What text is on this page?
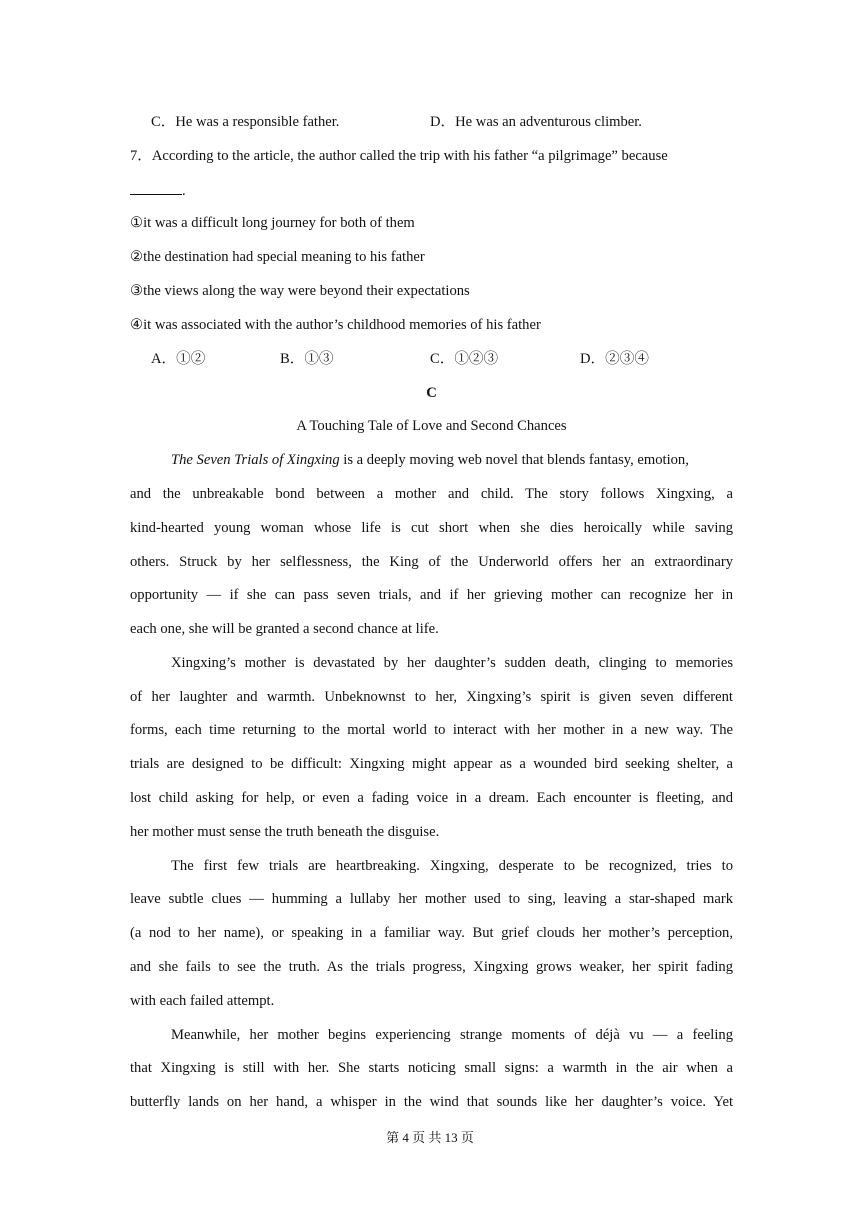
C．He was a responsible father.	D．He was an adventurous climber.
7．According to the article, the author called the trip with his father “a pilgrimage” because
.
①it was a difficult long journey for both of them
②the destination had special meaning to his father
③the views along the way were beyond their expectations
④it was associated with the author’s childhood memories of his father
A．①②	B．①③	C．①②③	D．②③④
C
A Touching Tale of Love and Second Chances
The Seven Trials of Xingxing is a deeply moving web novel that blends fantasy, emotion,
and the unbreakable bond between a mother and child. The story follows Xingxing, a
kind-hearted young woman whose life is cut short when she dies heroically while saving
others. Struck by her selflessness, the King of the Underworld offers her an extraordinary
opportunity — if she can pass seven trials, and if her grieving mother can recognize her in
each one, she will be granted a second chance at life.
Xingxing’s mother is devastated by her daughter’s sudden death, clinging to memories
of her laughter and warmth. Unbeknownst to her, Xingxing’s spirit is given seven different
forms, each time returning to the mortal world to interact with her mother in a new way. The
trials are designed to be difficult: Xingxing might appear as a wounded bird seeking shelter, a
lost child asking for help, or even a fading voice in a dream. Each encounter is fleeting, and
her mother must sense the truth beneath the disguise.
The first few trials are heartbreaking. Xingxing, desperate to be recognized, tries to
leave subtle clues — humming a lullaby her mother used to sing, leaving a star-shaped mark
(a nod to her name), or speaking in a familiar way. But grief clouds her mother’s perception,
and she fails to see the truth. As the trials progress, Xingxing grows weaker, her spirit fading
with each failed attempt.
Meanwhile, her mother begins experiencing strange moments of déjà vu — a feeling
that Xingxing is still with her. She starts noticing small signs: a warmth in the air when a
butterfly lands on her hand, a whisper in the wind that sounds like her daughter’s voice. Yet
第 4 页 共 13 页
